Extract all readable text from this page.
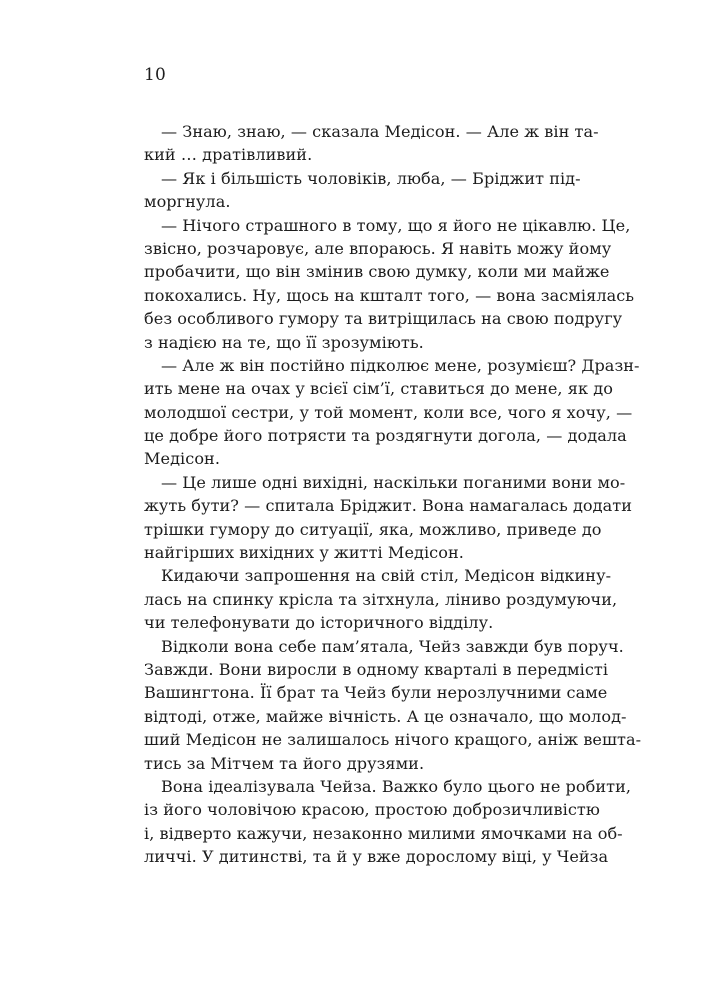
10
— Знаю, знаю, — сказала Медісон. — Але ж він та-
кий … дратівливий.
— Як і більшість чоловіків, люба, — Бріджит під-
моргнула.
— Нічого страшного в тому, що я його не цікавлю. Це,
звісно, розчаровує, але впораюсь. Я навіть можу йому
пробачити, що він змінив свою думку, коли ми майже
покохались. Ну, щось на кшталт того, — вона засміялась
без особливого гумору та витріщилась на свою подругу
з надією на те, що її зрозуміють.
— Але ж він постійно підколює мене, розумієш? Дразн-
ить мене на очах у всієї сім’ї, ставиться до мене, як до
молодшої сестри, у той момент, коли все, чого я хочу, —
це добре його потрясти та роздягнути догола, — додала
Медісон.
— Це лише одні вихідні, наскільки поганими вони мо-
жуть бути? — спитала Бріджит. Вона намагалась додати
трішки гумору до ситуації, яка, можливо, приведе до
найгірших вихідних у житті Медісон.
Кидаючи запрошення на свій стіл, Медісон відкину-
лась на спинку крісла та зітхнула, ліниво роздумуючи,
чи телефонувати до історичного відділу.
Відколи вона себе пам’ятала, Чейз завжди був поруч.
Завжди. Вони виросли в одному кварталі в передмісті
Вашингтона. Її брат та Чейз були нерозлучними саме
відтоді, отже, майже вічність. А це означало, що молод-
ший Медісон не залишалось нічого кращого, аніж вешта-
тись за Мітчем та його друзями.
Вона ідеалізувала Чейза. Важко було цього не робити,
із його чоловічою красою, простою доброзичливістю
і, відверто кажучи, незаконно милими ямочками на об-
личчі. У дитинстві, та й у вже дорослому віці, у Чейза
